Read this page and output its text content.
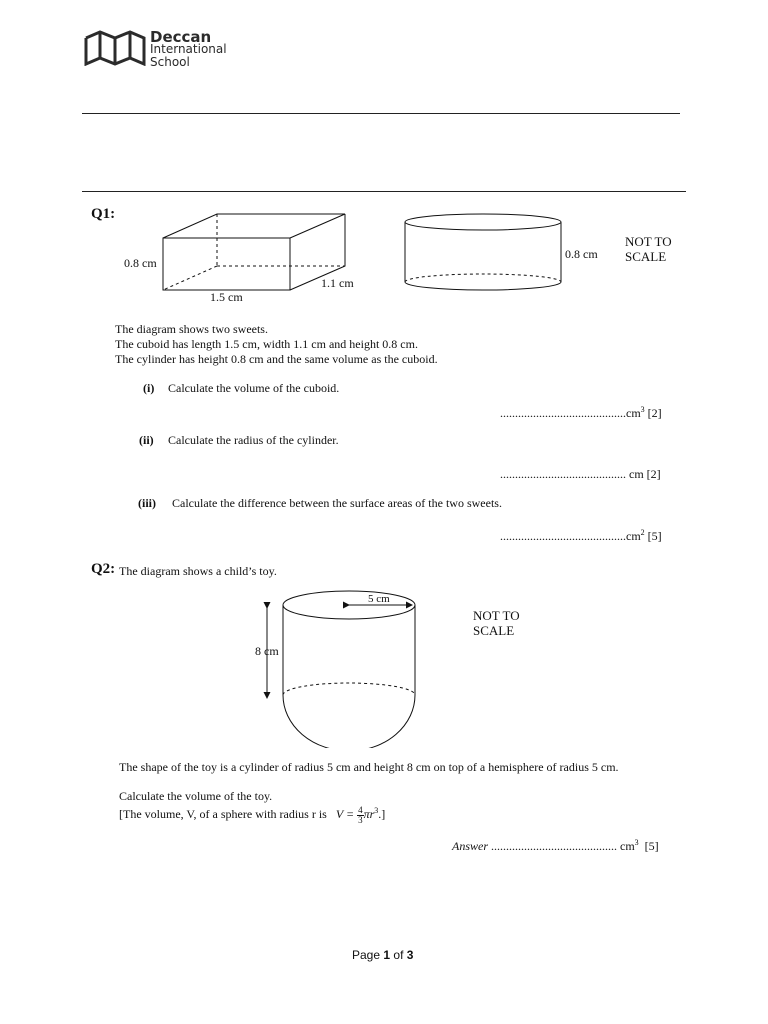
Deccan
International
School
Q1:
0.8 cm
1.1 cm
1.5 cm
0.8 cm
NOT TO
SCALE
The diagram shows two sweets.
The cuboid has length 1.5 cm, width 1.1 cm and height 0.8 cm.
The cylinder has height 0.8 cm and the same volume as the cuboid.
(i) Calculate the volume of the cuboid.
$..........................................cm^3$ [2]
(ii) Calculate the radius of the cylinder.
.......................................... cm [2]
(iii) Calculate the difference between the surface areas of the two sweets.
$..........................................cm^2$ [5]
Q2: The diagram shows a child’s toy.
5 cm
8 cm
NOT TO
SCALE
The shape of the toy is a cylinder of radius 5 cm and height 8 cm on top of a hemisphere of radius 5 cm.
Calculate the volume of the toy.
[The volume, V, of a sphere with radius r is $V = \frac{4}{3} \pi r^3$.]
Answer .......................................... $cm^3$ [5]
Page 1 of 3
